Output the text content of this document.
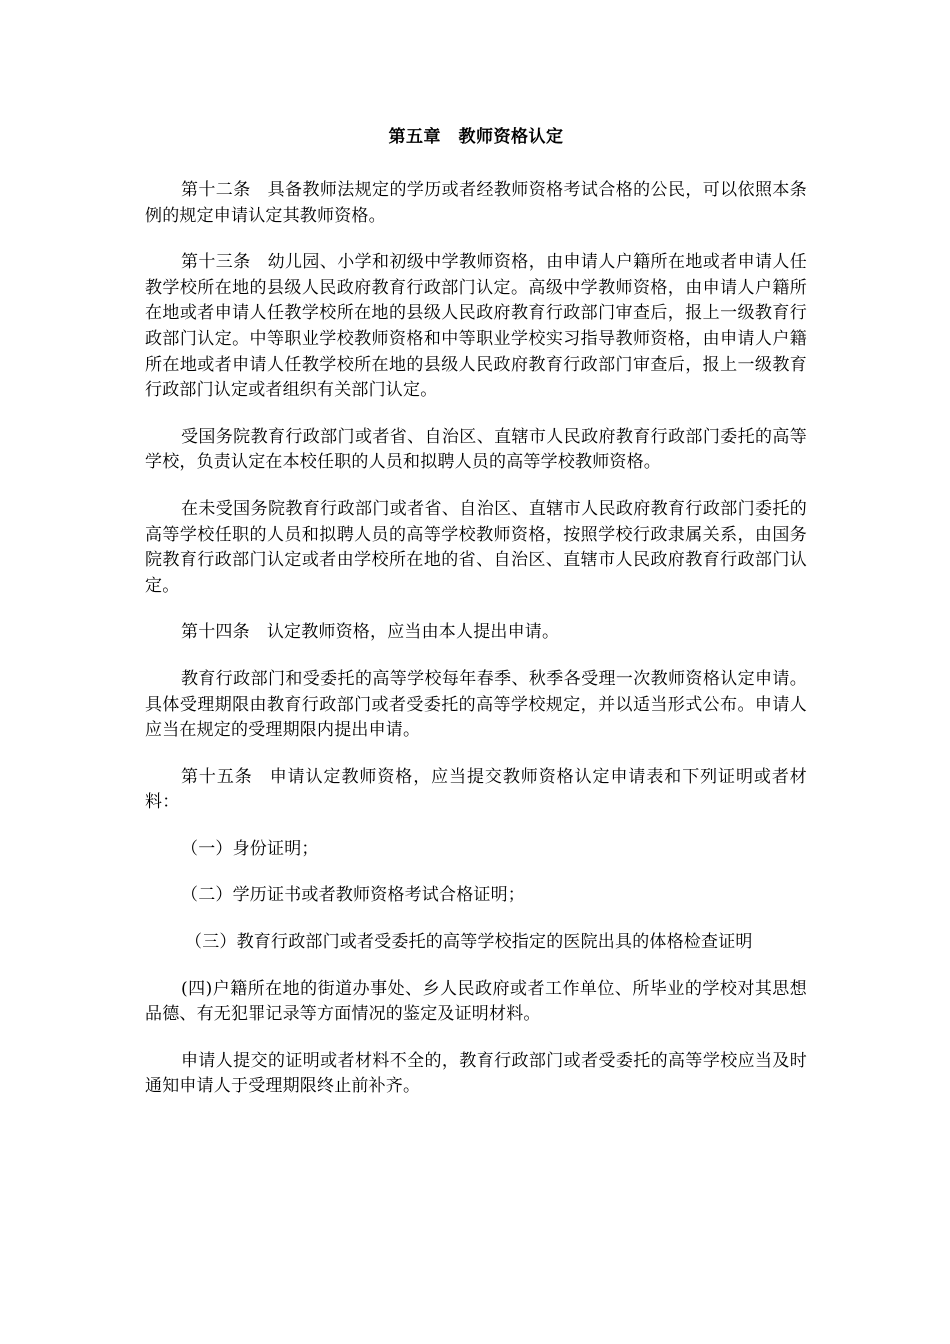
第五章　教师资格认定

第十二条 具备教师法规定的学历或者经教师资格考试合格的公民，可以依照本条例的规定申请认定其教师资格。

第十三条 幼儿园、小学和初级中学教师资格，由申请人户籍所在地或者申请人任教学校所在地的县级人民政府教育行政部门认定。高级中学教师资格，由申请人户籍所在地或者申请人任教学校所在地的县级人民政府教育行政部门审查后，报上一级教育行政部门认定。中等职业学校教师资格和中等职业学校实习指导教师资格，由申请人户籍所在地或者申请人任教学校所在地的县级人民政府教育行政部门审查后，报上一级教育行政部门认定或者组织有关部门认定。

受国务院教育行政部门或者省、自治区、直辖市人民政府教育行政部门委托的高等学校，负责认定在本校任职的人员和拟聘人员的高等学校教师资格。

在未受国务院教育行政部门或者省、自治区、直辖市人民政府教育行政部门委托的高等学校任职的人员和拟聘人员的高等学校教师资格，按照学校行政隶属关系，由国务院教育行政部门认定或者由学校所在地的省、自治区、直辖市人民政府教育行政部门认定。

第十四条 认定教师资格，应当由本人提出申请。

教育行政部门和受委托的高等学校每年春季、秋季各受理一次教师资格认定申请。具体受理期限由教育行政部门或者受委托的高等学校规定，并以适当形式公布。申请人应当在规定的受理期限内提出申请。

第十五条 申请认定教师资格，应当提交教师资格认定申请表和下列证明或者材料：

（一）身份证明；

（二）学历证书或者教师资格考试合格证明；

（三）教育行政部门或者受委托的高等学校指定的医院出具的体格检查证明

(四)户籍所在地的街道办事处、乡人民政府或者工作单位、所毕业的学校对其思想品德、有无犯罪记录等方面情况的鉴定及证明材料。

申请人提交的证明或者材料不全的，教育行政部门或者受委托的高等学校应当及时通知申请人于受理期限终止前补齐。
